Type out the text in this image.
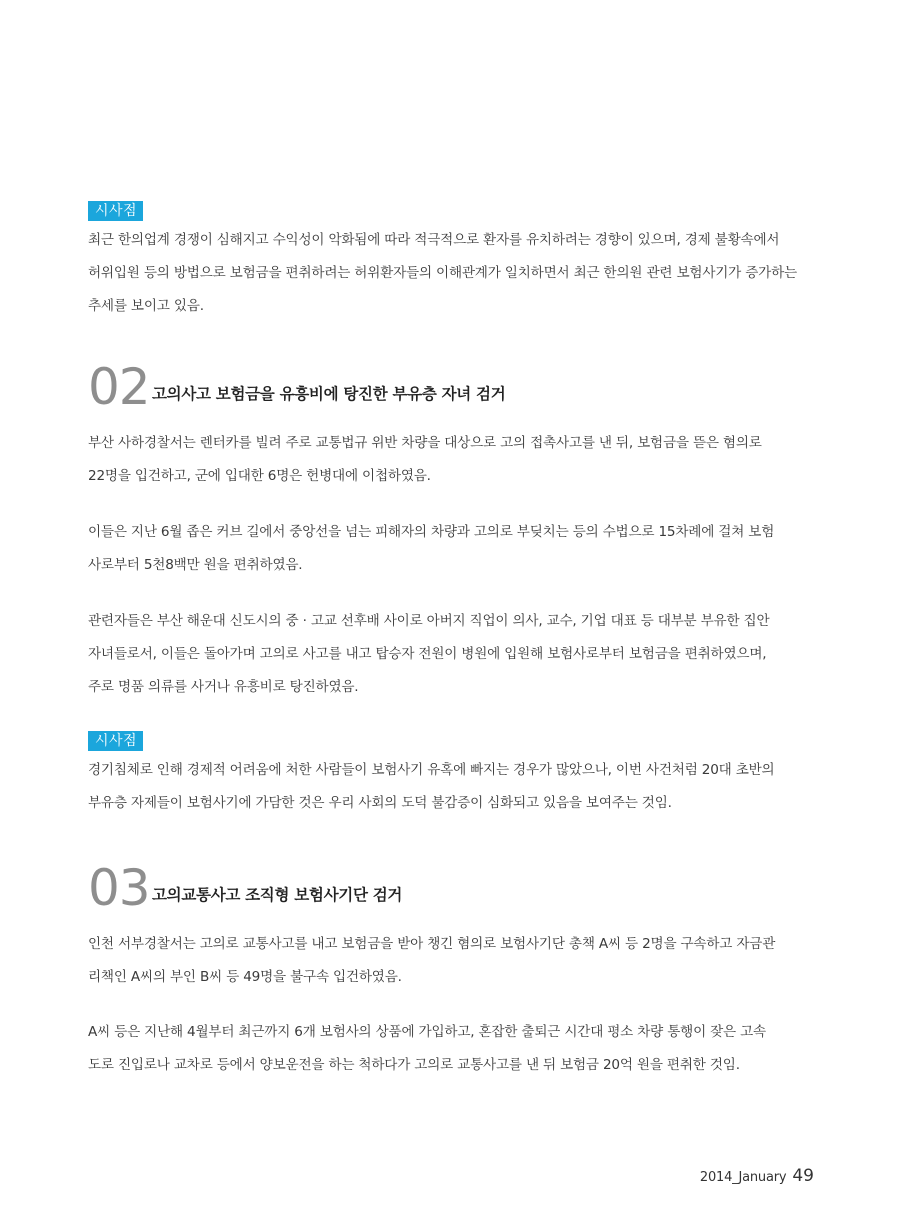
시사점
최근 한의업계 경쟁이 심해지고 수익성이 악화됨에 따라 적극적으로 환자를 유치하려는 경향이 있으며, 경제 불황속에서
허위입원 등의 방법으로 보험금을 편취하려는 허위환자들의 이해관계가 일치하면서 최근 한의원 관련 보험사기가 증가하는
추세를 보이고 있음.
02 고의사고 보험금을 유흥비에 탕진한 부유층 자녀 검거
부산 사하경찰서는 렌터카를 빌려 주로 교통법규 위반 차량을 대상으로 고의 접촉사고를 낸 뒤, 보험금을 뜯은 혐의로
22명을 입건하고, 군에 입대한 6명은 헌병대에 이첩하였음.
이들은 지난 6월 좁은 커브 길에서 중앙선을 넘는 피해자의 차량과 고의로 부딪치는 등의 수법으로 15차례에 걸쳐 보험
사로부터 5천8백만 원을 편취하였음.
관련자들은 부산 해운대 신도시의 중 · 고교 선후배 사이로 아버지 직업이 의사, 교수, 기업 대표 등 대부분 부유한 집안
자녀들로서, 이들은 돌아가며 고의로 사고를 내고 탑승자 전원이 병원에 입원해 보험사로부터 보험금을 편취하였으며,
주로 명품 의류를 사거나 유흥비로 탕진하였음.
시사점
경기침체로 인해 경제적 어려움에 처한 사람들이 보험사기 유혹에 빠지는 경우가 많았으나, 이번 사건처럼 20대 초반의
부유층 자제들이 보험사기에 가담한 것은 우리 사회의 도덕 불감증이 심화되고 있음을 보여주는 것임.
03 고의교통사고 조직형 보험사기단 검거
인천 서부경찰서는 고의로 교통사고를 내고 보험금을 받아 챙긴 혐의로 보험사기단 총책 A씨 등 2명을 구속하고 자금관
리책인 A씨의 부인 B씨 등 49명을 불구속 입건하였음.
A씨 등은 지난해 4월부터 최근까지 6개 보험사의 상품에 가입하고, 혼잡한 출퇴근 시간대 평소 차량 통행이 잦은 고속
도로 진입로나 교차로 등에서 양보운전을 하는 척하다가 고의로 교통사고를 낸 뒤 보험금 20억 원을 편취한 것임.
2014_January 49
